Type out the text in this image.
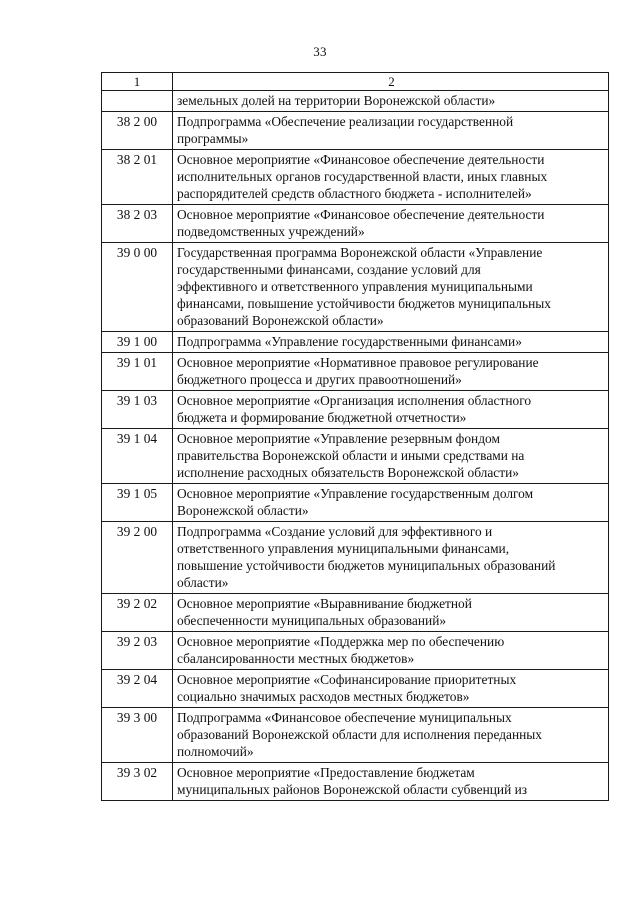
33
1	2
	земельных долей на территории Воронежской области»
38 2 00	Подпрограмма «Обеспечение реализации государственной
программы»
38 2 01	Основное мероприятие «Финансовое обеспечение деятельности
исполнительных органов государственной власти, иных главных
распорядителей средств областного бюджета - исполнителей»
38 2 03	Основное мероприятие «Финансовое обеспечение деятельности
подведомственных учреждений»
39 0 00	Государственная программа Воронежской области «Управление
государственными финансами, создание условий для
эффективного и ответственного управления муниципальными
финансами, повышение устойчивости бюджетов муниципальных
образований Воронежской области»
39 1 00	Подпрограмма «Управление государственными финансами»
39 1 01	Основное мероприятие «Нормативное правовое регулирование
бюджетного процесса и других правоотношений»
39 1 03	Основное мероприятие «Организация исполнения областного
бюджета и формирование бюджетной отчетности»
39 1 04	Основное мероприятие «Управление резервным фондом
правительства Воронежской области и иными средствами на
исполнение расходных обязательств Воронежской области»
39 1 05	Основное мероприятие «Управление государственным долгом
Воронежской области»
39 2 00	Подпрограмма «Создание условий для эффективного и
ответственного управления муниципальными финансами,
повышение устойчивости бюджетов муниципальных образований
области»
39 2 02	Основное мероприятие «Выравнивание бюджетной
обеспеченности муниципальных образований»
39 2 03	Основное мероприятие «Поддержка мер по обеспечению
сбалансированности местных бюджетов»
39 2 04	Основное мероприятие «Софинансирование приоритетных
социально значимых расходов местных бюджетов»
39 3 00	Подпрограмма «Финансовое обеспечение муниципальных
образований Воронежской области для исполнения переданных
полномочий»
39 3 02	Основное мероприятие «Предоставление бюджетам
муниципальных районов Воронежской области субвенций из
